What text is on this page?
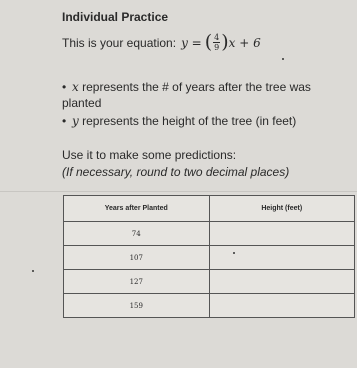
Individual Practice
This is your equation: y = ( $\frac{4}{9}$ ) x + 6
• x represents the # of years after the tree was planted
• y represents the height of the tree (in feet)
Use it to make some predictions:
(If necessary, round to two decimal places)
Years after Planted	Height (feet)
74	
107	
127	
159	
